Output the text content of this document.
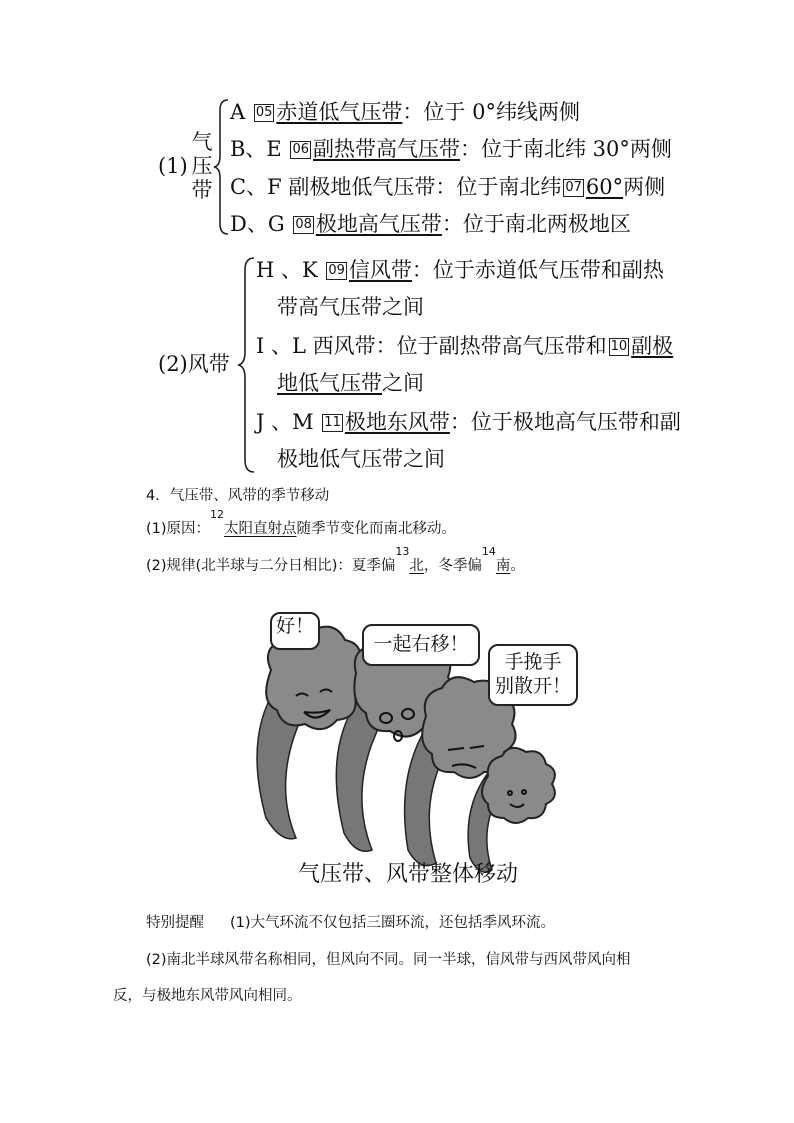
(1)
气
压
带
A 05 赤道低气压带：位于 0°纬线两侧
B、E 06 副热带高气压带：位于南北纬 30°两侧
C、F 副极地低气压带：位于南北纬 07 60°两侧
D、G 08 极地高气压带：位于南北两极地区
(2)风带
H 、K 09 信风带：位于赤道低气压带和副热
带高气压带之间
I 、L 西风带：位于副热带高气压带和 10 副极
地低气压带之间
J 、M 11 极地东风带：位于极地高气压带和副
极地低气压带之间
4．气压带、风带的季节移动
(1)原因：
12
太阳直射点随季节变化而南北移动。
(2)规律(北半球与二分日相比)：夏季偏
13
北，冬季偏
14
南。
好！
一起右移！
手挽手
别散开！
气压带、风带整体移动
特别提醒 (1)大气环流不仅包括三圈环流，还包括季风环流。
(2)南北半球风带名称相同，但风向不同。同一半球，信风带与西风带风向相
反，与极地东风带风向相同。
